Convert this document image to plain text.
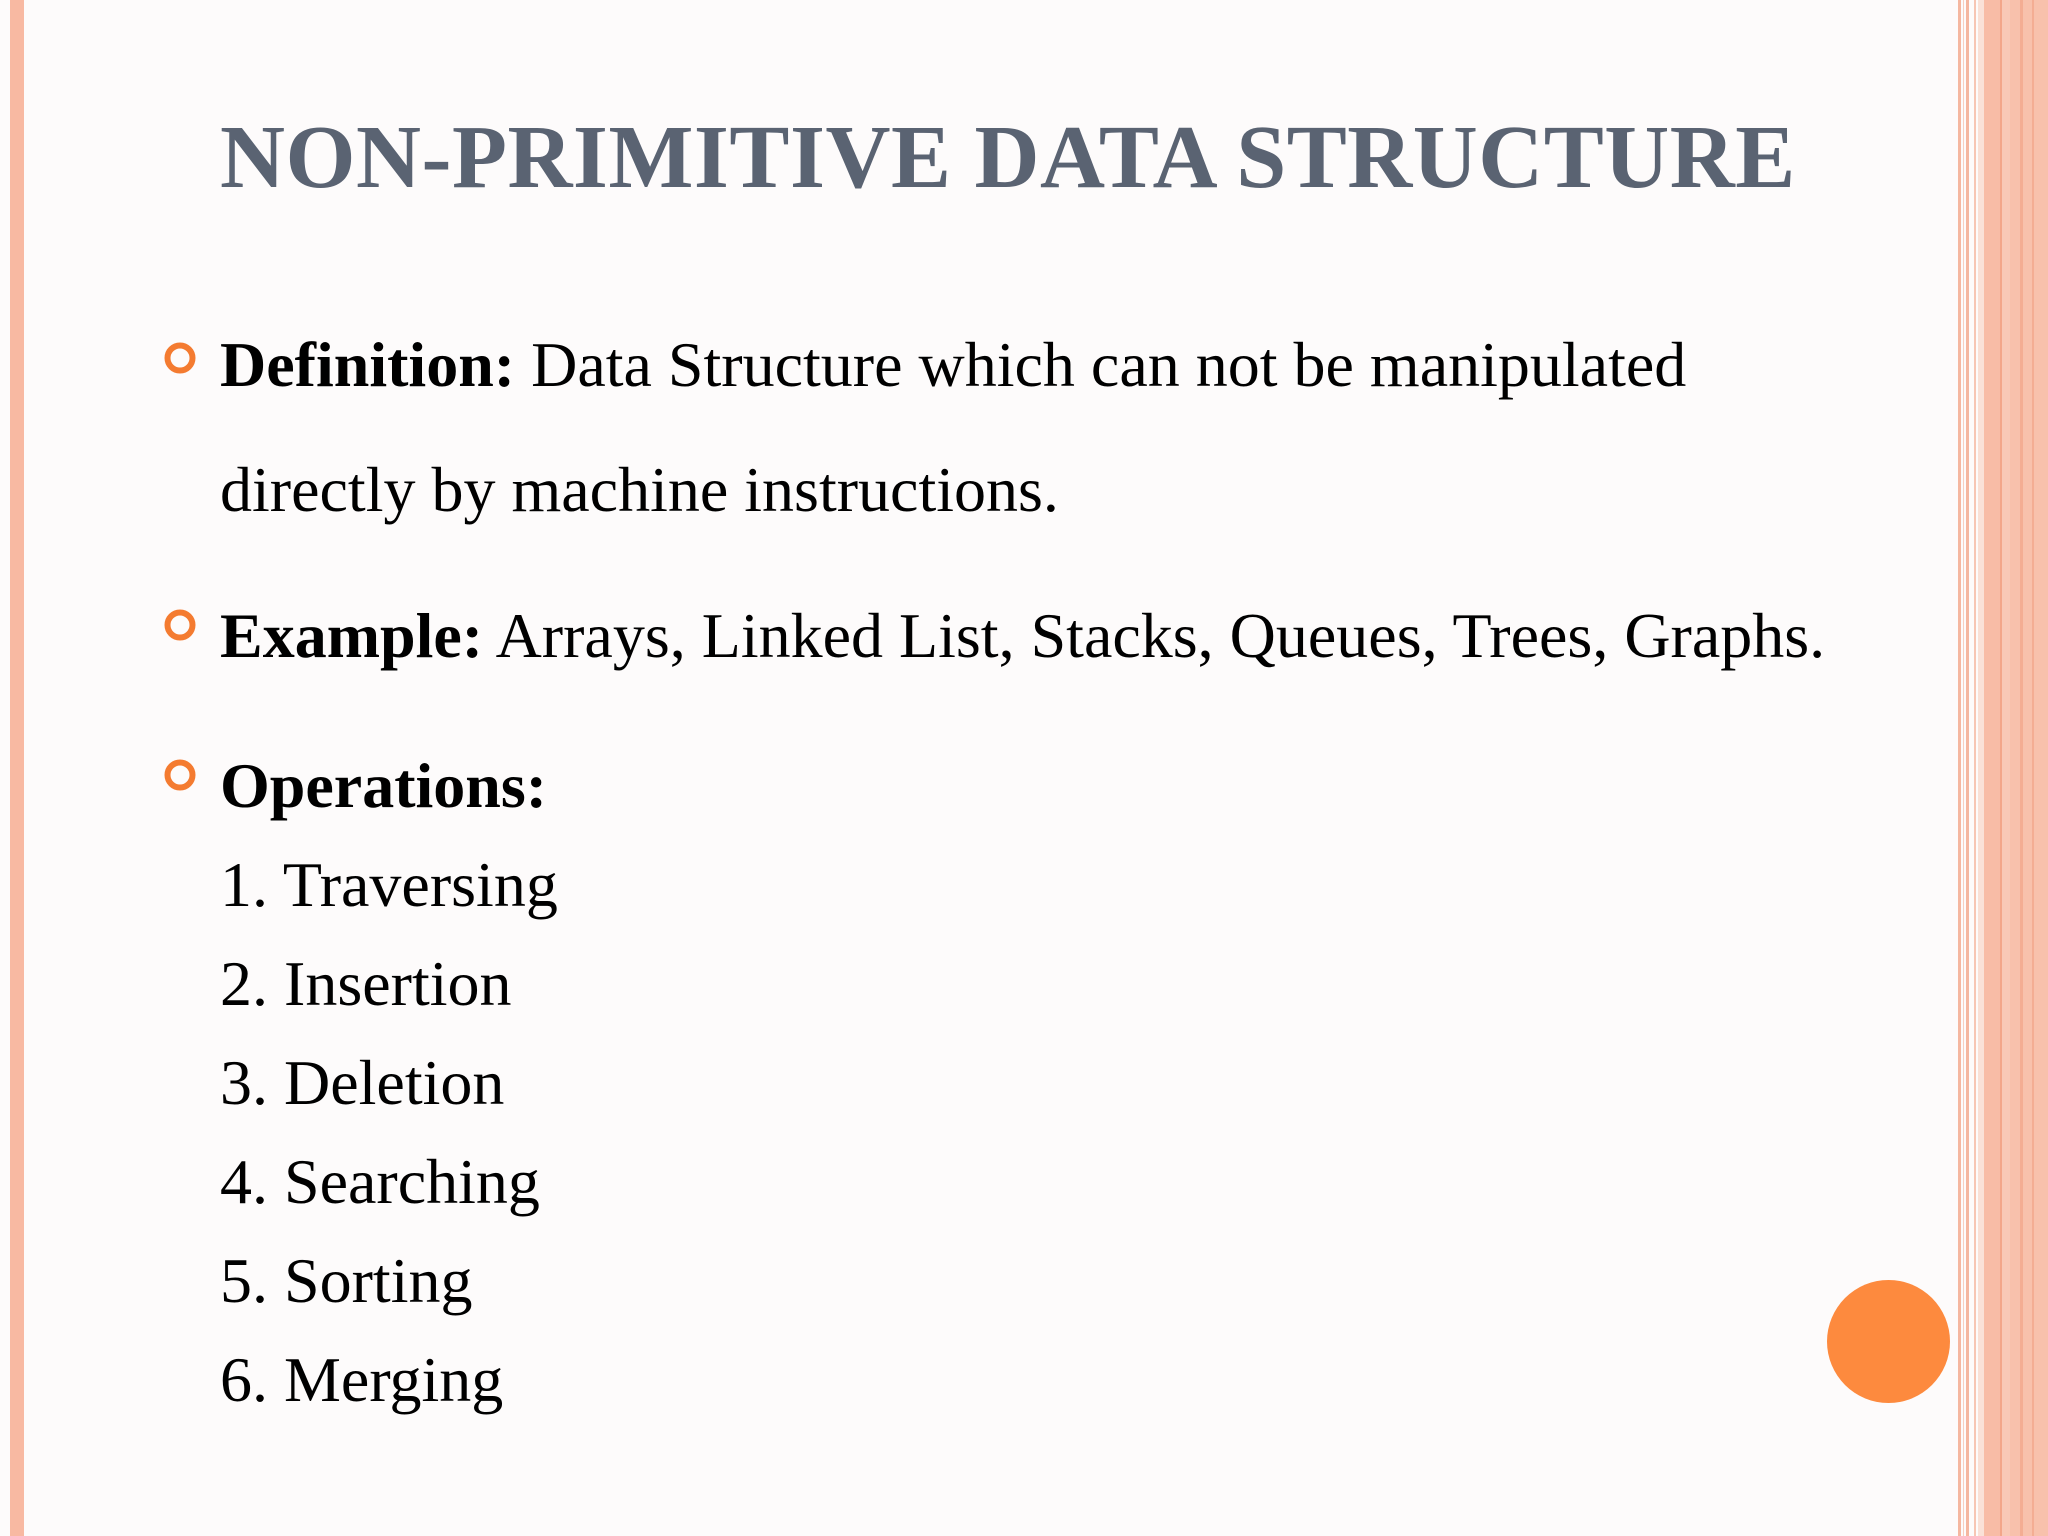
NON-PRIMITIVE DATA STRUCTURE

Definition: Data Structure which can not be manipulated

directly by machine instructions.

Example: Arrays, Linked List, Stacks, Queues, Trees, Graphs.

Operations:

1. Traversing
2. Insertion
3. Deletion
4. Searching
5. Sorting
6. Merging
